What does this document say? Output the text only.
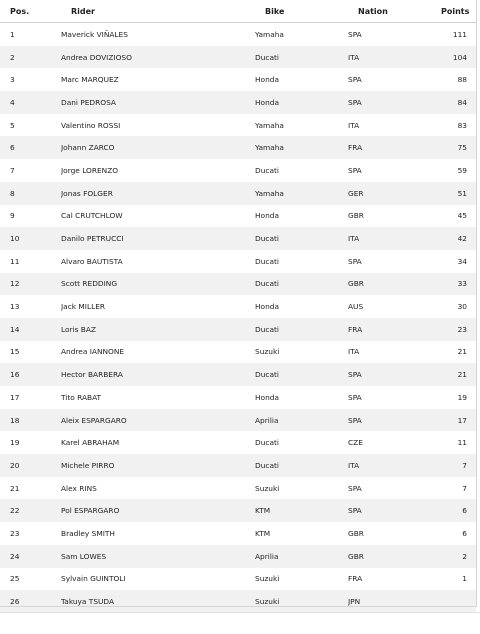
Pos.	Rider	Bike	Nation	Points
1	Maverick VIÑALES	Yamaha	SPA	111
2	Andrea DOVIZIOSO	Ducati	ITA	104
3	Marc MARQUEZ	Honda	SPA	88
4	Dani PEDROSA	Honda	SPA	84
5	Valentino ROSSI	Yamaha	ITA	83
6	Johann ZARCO	Yamaha	FRA	75
7	Jorge LORENZO	Ducati	SPA	59
8	Jonas FOLGER	Yamaha	GER	51
9	Cal CRUTCHLOW	Honda	GBR	45
10	Danilo PETRUCCI	Ducati	ITA	42
11	Alvaro BAUTISTA	Ducati	SPA	34
12	Scott REDDING	Ducati	GBR	33
13	Jack MILLER	Honda	AUS	30
14	Loris BAZ	Ducati	FRA	23
15	Andrea IANNONE	Suzuki	ITA	21
16	Hector BARBERA	Ducati	SPA	21
17	Tito RABAT	Honda	SPA	19
18	Aleix ESPARGARO	Aprilia	SPA	17
19	Karel ABRAHAM	Ducati	CZE	11
20	Michele PIRRO	Ducati	ITA	7
21	Alex RINS	Suzuki	SPA	7
22	Pol ESPARGARO	KTM	SPA	6
23	Bradley SMITH	KTM	GBR	6
24	Sam LOWES	Aprilia	GBR	2
25	Sylvain GUINTOLI	Suzuki	FRA	1
26	Takuya TSUDA	Suzuki	JPN	
